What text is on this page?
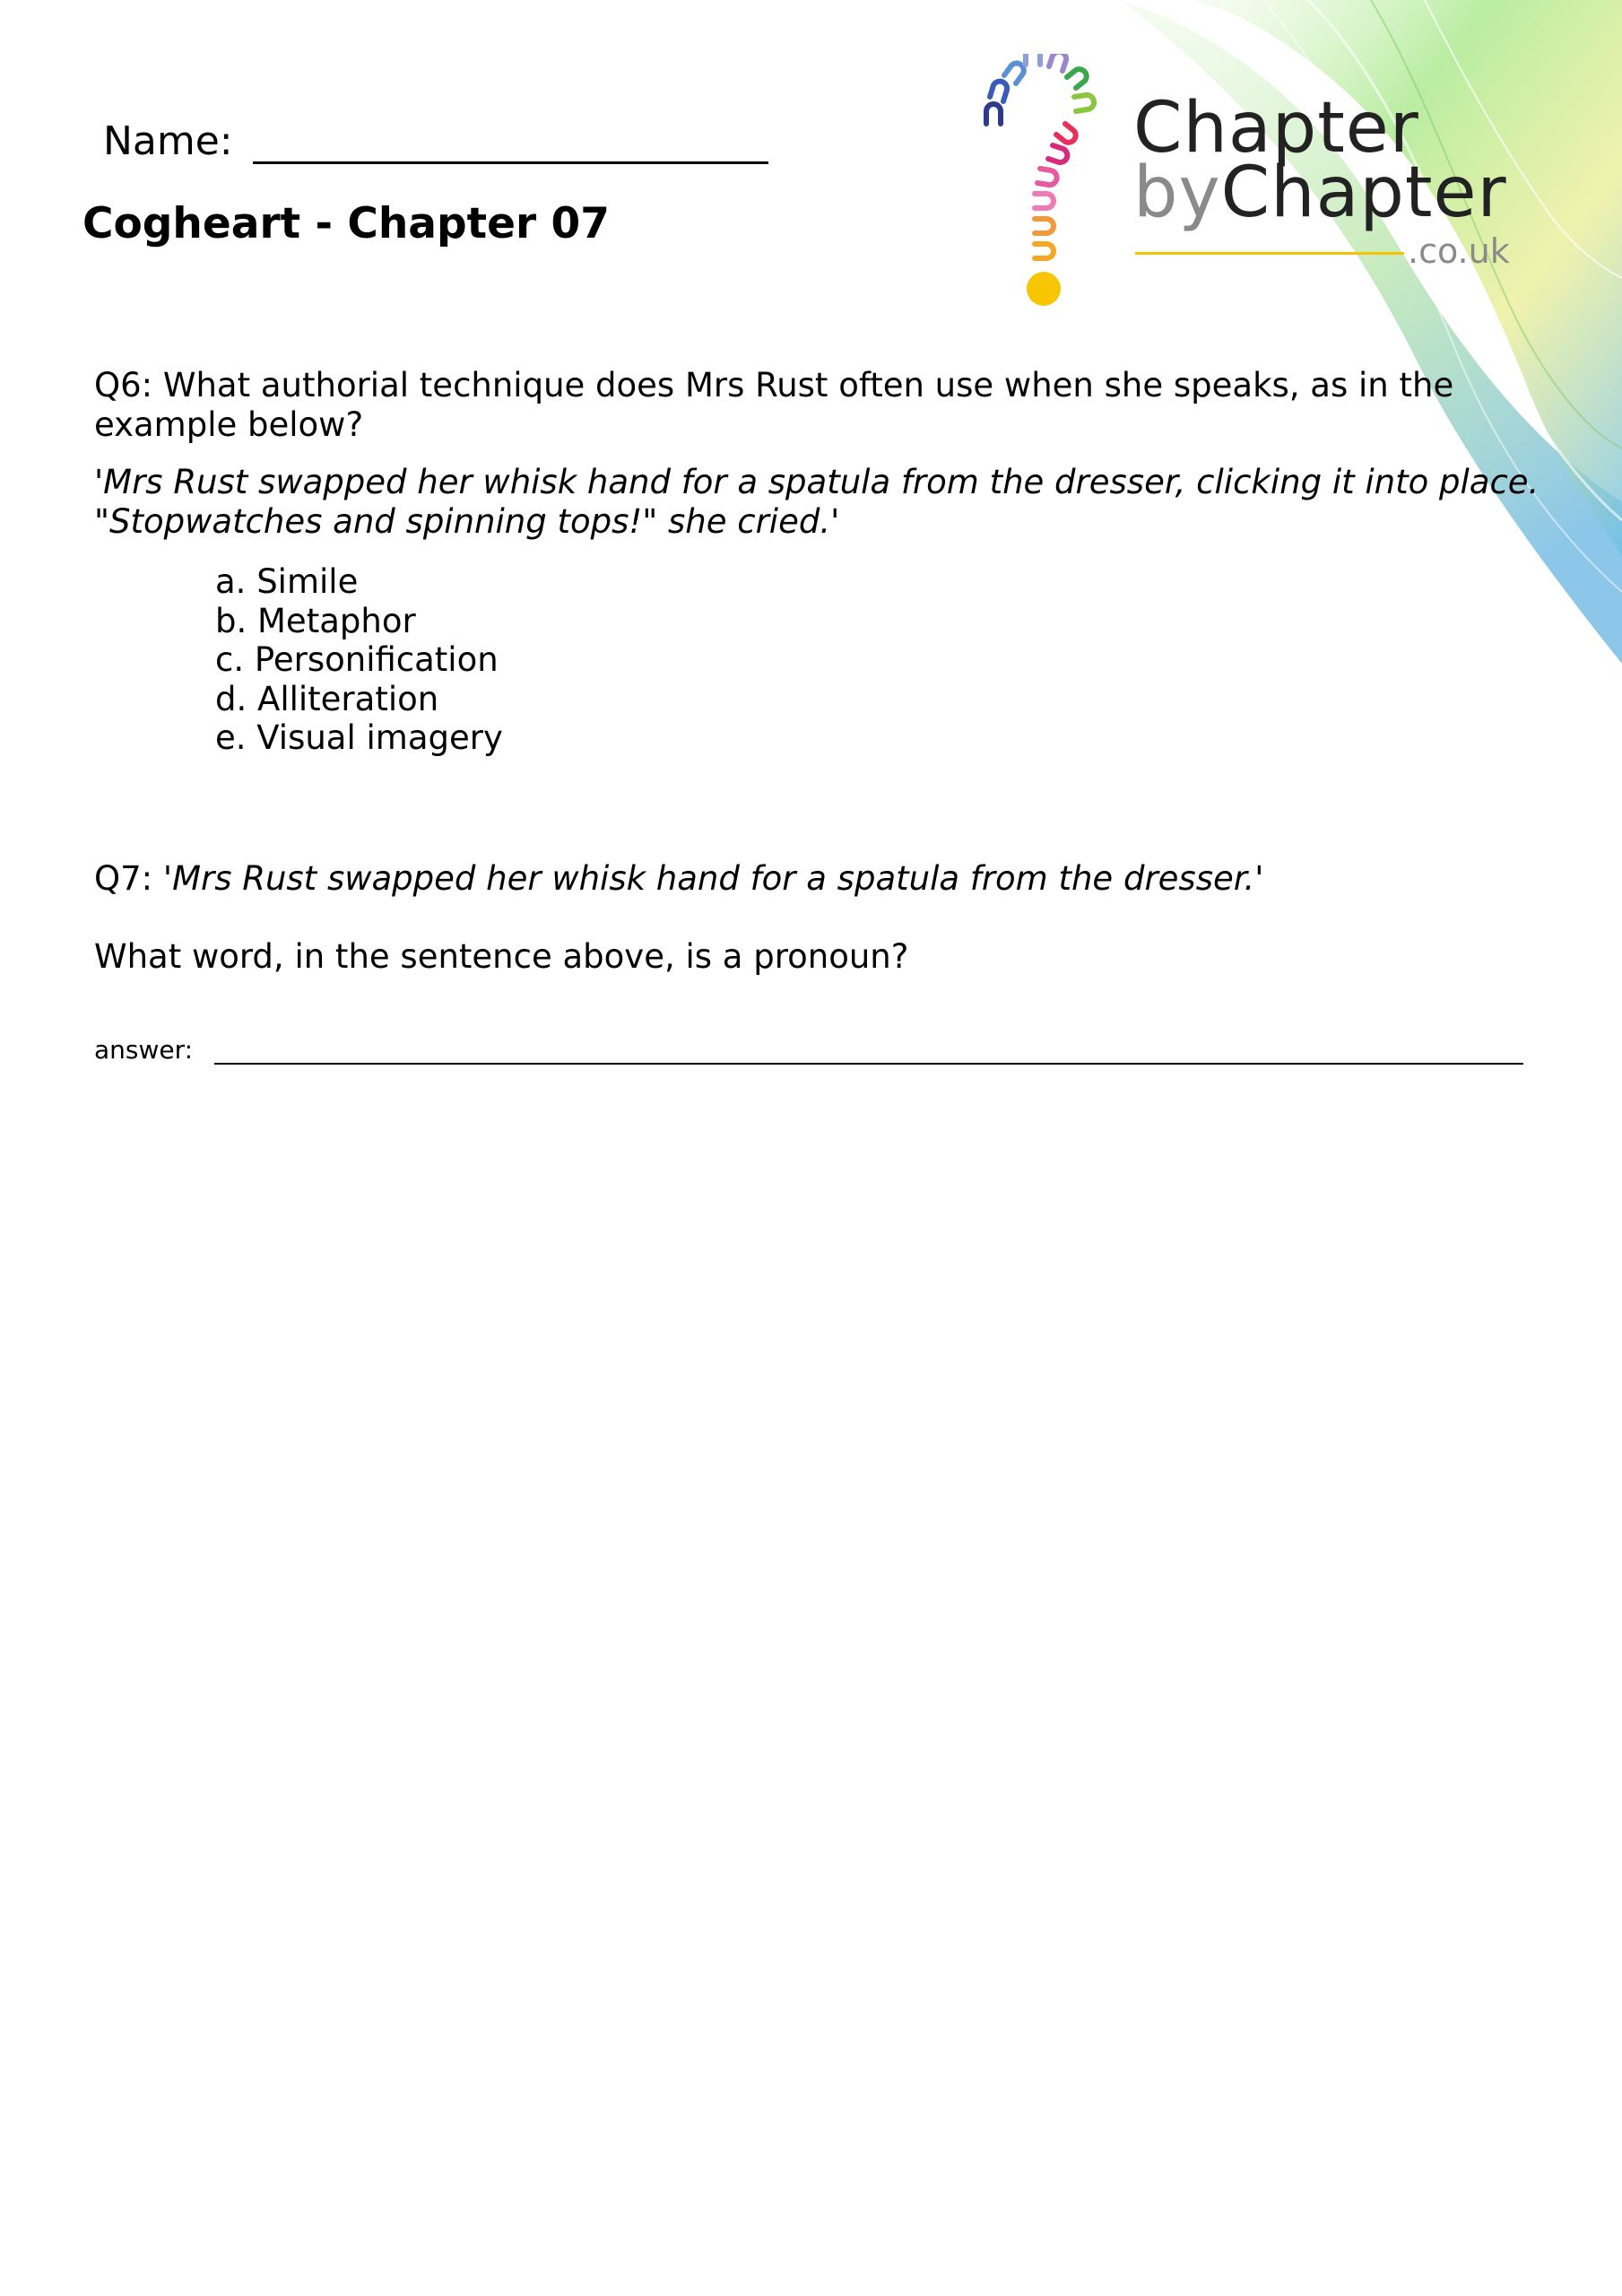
Name:
Cogheart - Chapter 07
Chapter
byChapter
.co.uk
Q6: What authorial technique does Mrs Rust often use when she speaks, as in the example below?
'Mrs Rust swapped her whisk hand for a spatula from the dresser, clicking it into place.
"Stopwatches and spinning tops!" she cried.'
a. Simile
b. Metaphor
c. Personification
d. Alliteration
e. Visual imagery
Q7: 'Mrs Rust swapped her whisk hand for a spatula from the dresser.'
What word, in the sentence above, is a pronoun?
answer:
